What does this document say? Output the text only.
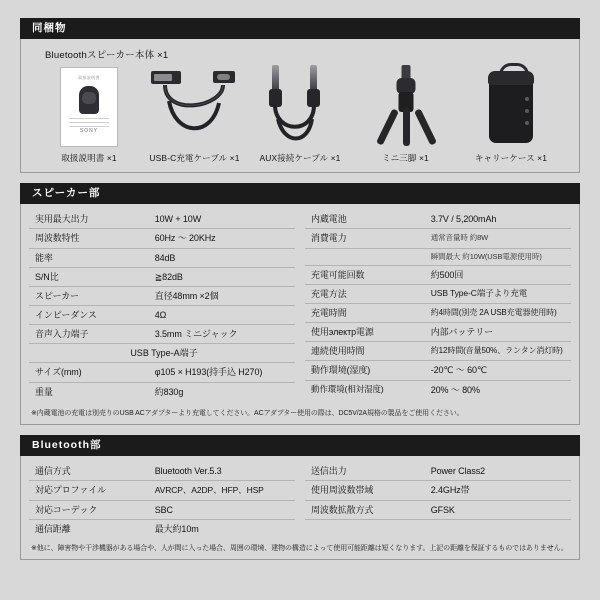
同梱物
Bluetoothスピーカー本体 ×1
取扱説明書
SONY
取扱説明書 ×1	USB-C充電ケーブル ×1	AUX接続ケーブル ×1	ミニ三脚 ×1	キャリーケース ×1
スピーカー部
実用最大出力	10W + 10W
周波数特性	60Hz 〜 20KHz
能率	84dB
S/N比	≧82dB
スピーカー	直径48mm ×2個
インピーダンス	4Ω
音声入力端子	3.5mm ミニジャック
USB Type-A端子	
サイズ(mm)	φ105 × H193(持手込 H270)
重量	約830g
内蔵電池	3.7V / 5,200mAh
消費電力	通常音量時 約8W
	瞬間最大 約10W(USB電源使用時)
充電可能回数	約500回
充電方法	USB Type-C端子より充電
充電時間	約4時間(別売 2A USB充電器使用時)
使用электр電源	内部バッテリー
連続使用時間	約12時間(音量50%、ランタン消灯時)
動作環境(湿度)	-20℃ 〜 60℃
動作環境(相対湿度)	20% 〜 80%
※内蔵電池の充電は別売りのUSB ACアダプターより充電してください。ACアダプター使用の際は、DC5V/2A規格の製品をご使用ください。
Bluetooth部
通信方式	Bluetooth Ver.5.3
対応プロファイル	AVRCP、A2DP、HFP、HSP
対応コーデック	SBC
通信距離	最大約10m
送信出力	Power Class2
使用周波数帯域	2.4GHz帯
周波数拡散方式	GFSK

※他に、障害物や干渉機器がある場合や、人が間に入った場合、周囲の環境、建物の構造によって使用可能距離は短くなります。上記の距離を保証するものではありません。
